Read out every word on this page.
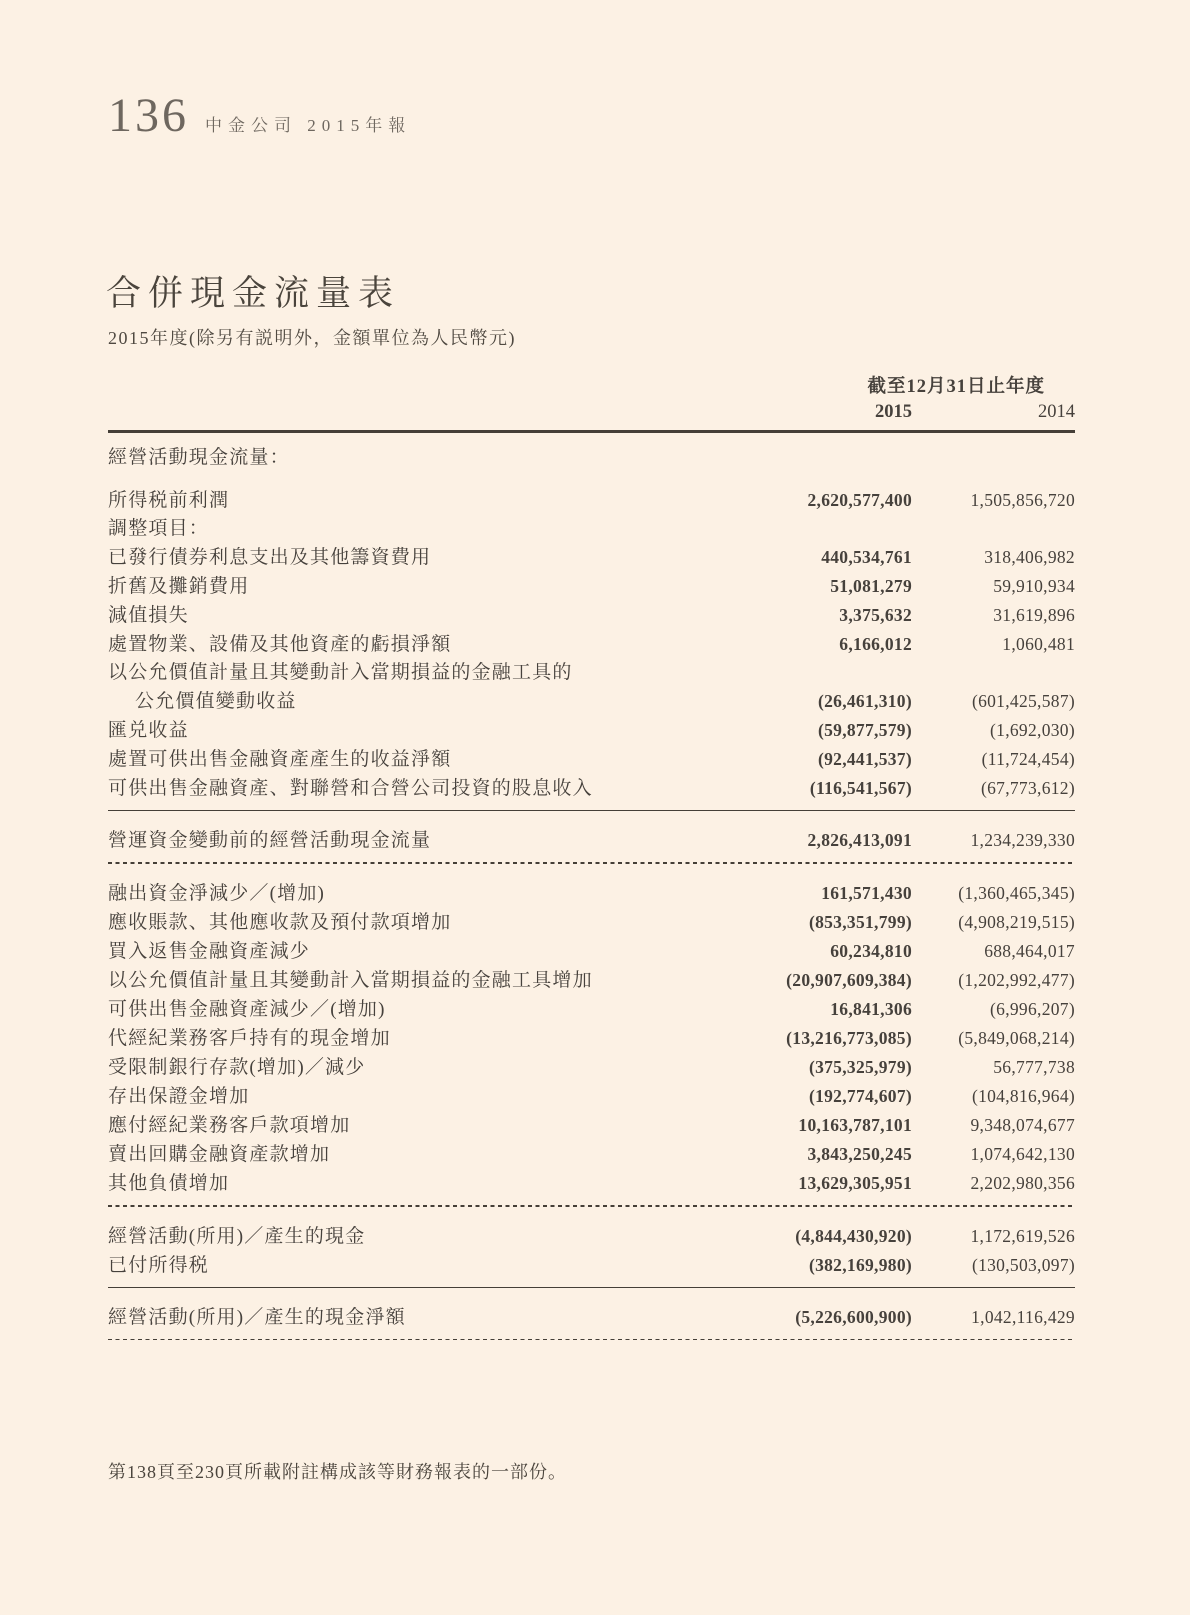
136 中金公司 2015年報
合併現金流量表
2015年度(除另有説明外，金額單位為人民幣元)
截至12月31日止年度
2015	2014
經營活動現金流量：
所得税前利潤	2,620,577,400	1,505,856,720
調整項目：
已發行債券利息支出及其他籌資費用	440,534,761	318,406,982
折舊及攤銷費用	51,081,279	59,910,934
減值損失	3,375,632	31,619,896
處置物業、設備及其他資產的虧損淨額	6,166,012	1,060,481
以公允價值計量且其變動計入當期損益的金融工具的
公允價值變動收益	(26,461,310)	(601,425,587)
匯兑收益	(59,877,579)	(1,692,030)
處置可供出售金融資產產生的收益淨額	(92,441,537)	(11,724,454)
可供出售金融資產、對聯營和合營公司投資的股息收入	(116,541,567)	(67,773,612)
營運資金變動前的經營活動現金流量	2,826,413,091	1,234,239,330
融出資金淨減少／(增加)	161,571,430	(1,360,465,345)
應收賬款、其他應收款及預付款項增加	(853,351,799)	(4,908,219,515)
買入返售金融資產減少	60,234,810	688,464,017
以公允價值計量且其變動計入當期損益的金融工具增加	(20,907,609,384)	(1,202,992,477)
可供出售金融資產減少／(增加)	16,841,306	(6,996,207)
代經紀業務客戶持有的現金增加	(13,216,773,085)	(5,849,068,214)
受限制銀行存款(增加)／減少	(375,325,979)	56,777,738
存出保證金增加	(192,774,607)	(104,816,964)
應付經紀業務客戶款項增加	10,163,787,101	9,348,074,677
賣出回購金融資產款增加	3,843,250,245	1,074,642,130
其他負債增加	13,629,305,951	2,202,980,356
經營活動(所用)／產生的現金	(4,844,430,920)	1,172,619,526
已付所得税	(382,169,980)	(130,503,097)
經營活動(所用)／產生的現金淨額	(5,226,600,900)	1,042,116,429
第138頁至230頁所載附註構成該等財務報表的一部份。
